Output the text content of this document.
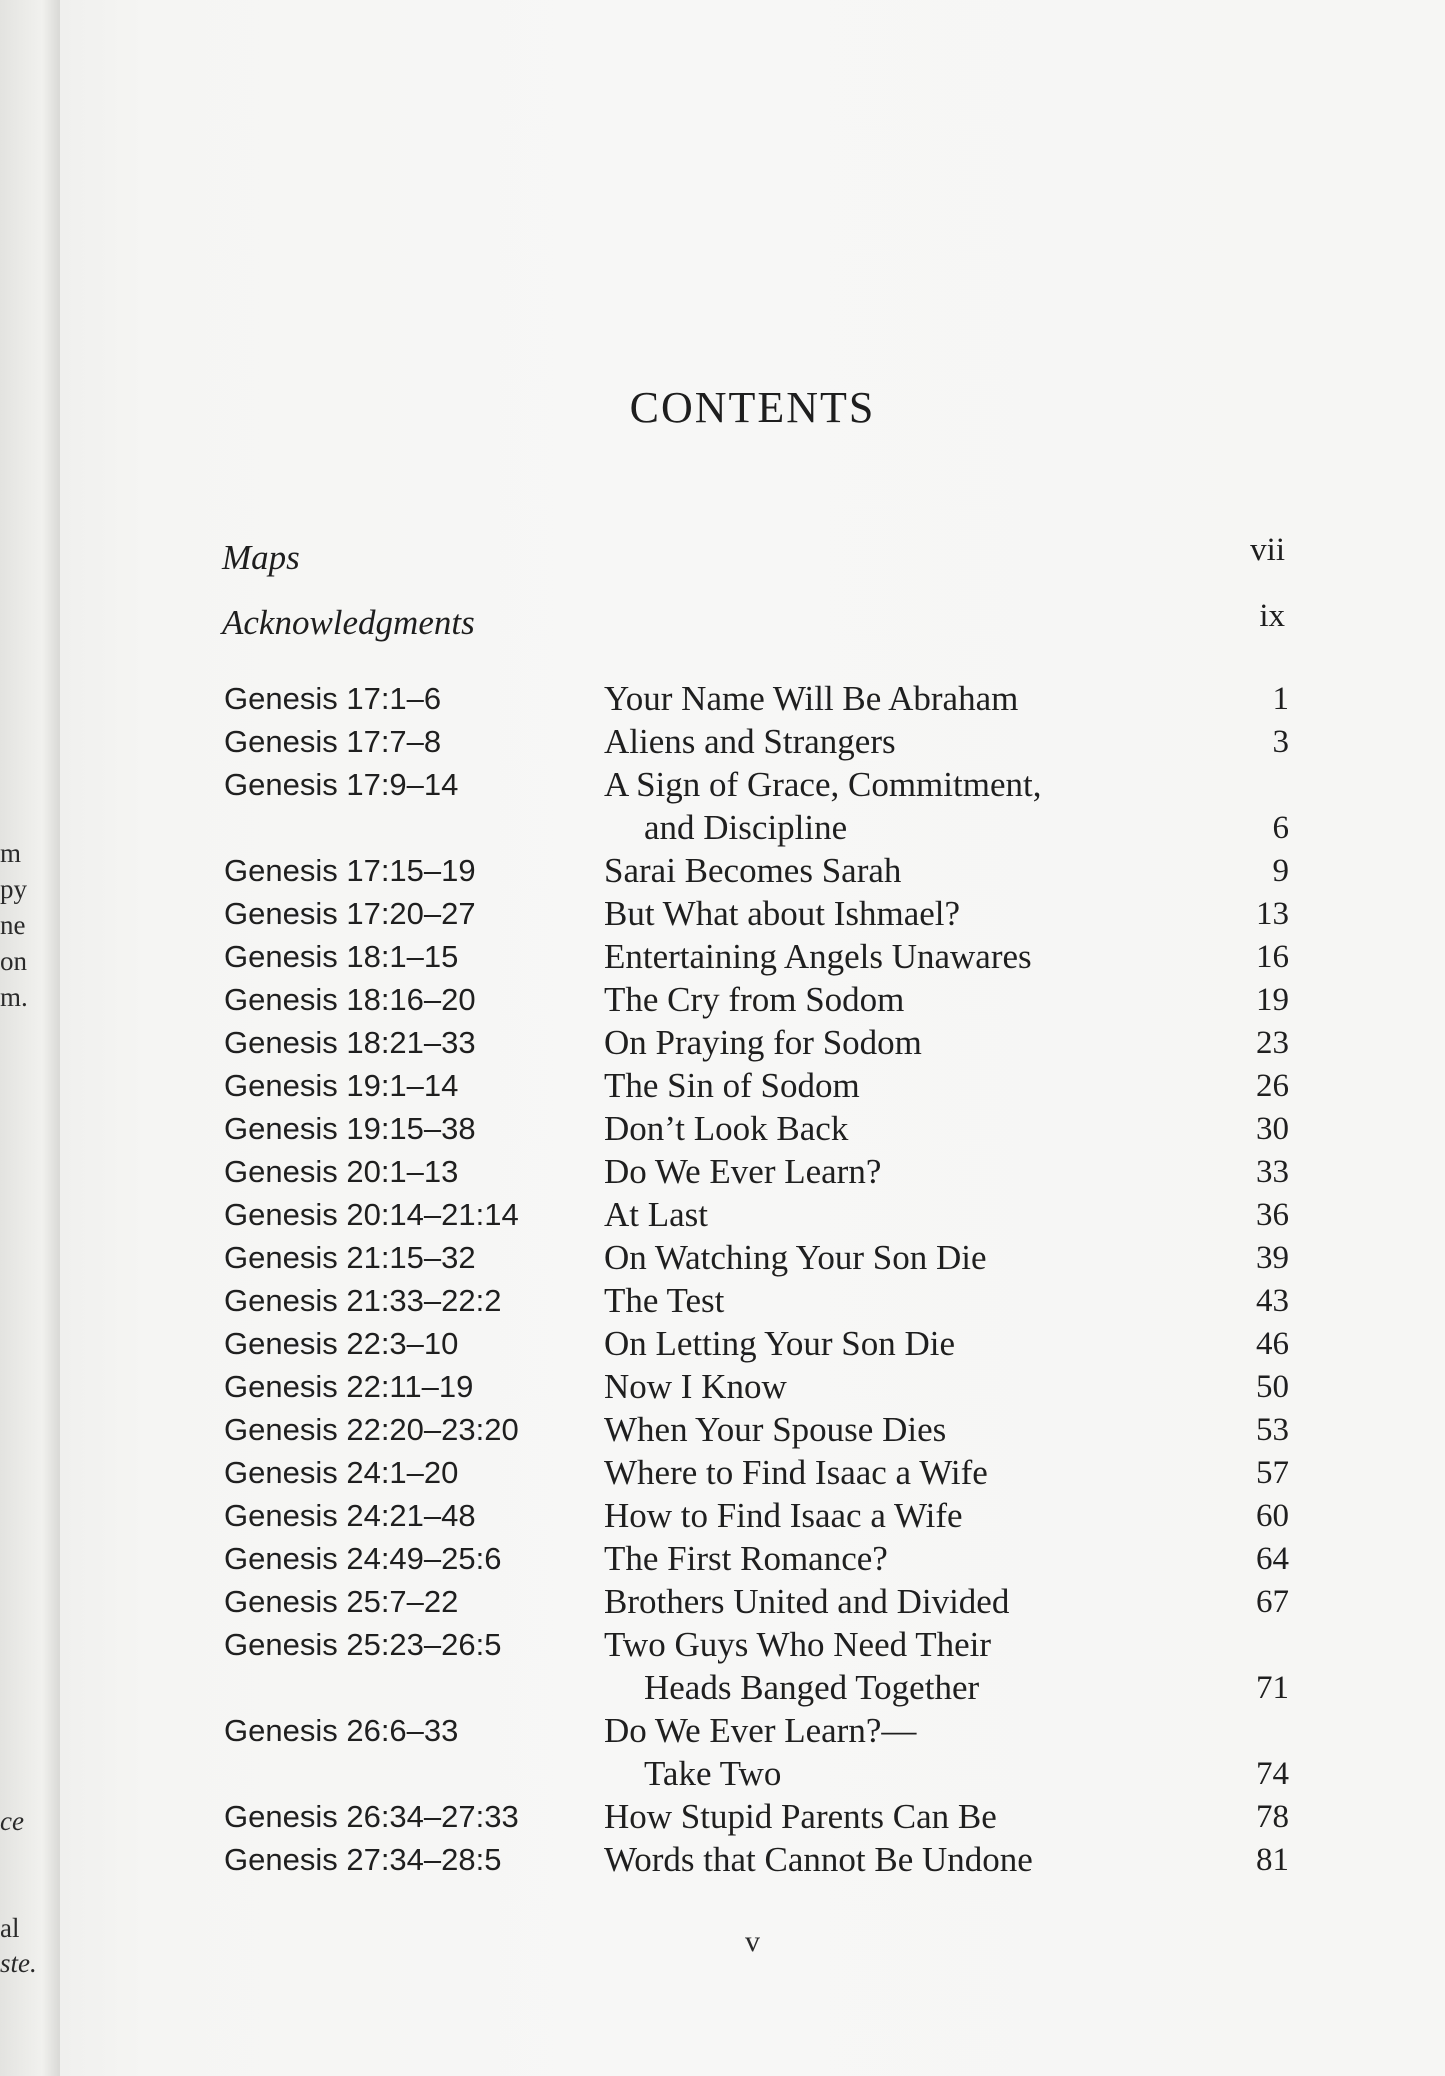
m
py
ne
on
m.
ce
al
ste.
CONTENTS
Maps	vii
Acknowledgments	ix
Genesis 17:1–6	Your Name Will Be Abraham	1
Genesis 17:7–8	Aliens and Strangers	3
Genesis 17:9–14	A Sign of Grace, Commitment,
and Discipline	6
Genesis 17:15–19	Sarai Becomes Sarah	9
Genesis 17:20–27	But What about Ishmael?	13
Genesis 18:1–15	Entertaining Angels Unawares	16
Genesis 18:16–20	The Cry from Sodom	19
Genesis 18:21–33	On Praying for Sodom	23
Genesis 19:1–14	The Sin of Sodom	26
Genesis 19:15–38	Don’t Look Back	30
Genesis 20:1–13	Do We Ever Learn?	33
Genesis 20:14–21:14 At Last	36
Genesis 21:15–32	On Watching Your Son Die	39
Genesis 21:33–22:2	The Test	43
Genesis 22:3–10	On Letting Your Son Die	46
Genesis 22:11–19	Now I Know	50
Genesis 22:20–23:20 When Your Spouse Dies	53
Genesis 24:1–20	Where to Find Isaac a Wife	57
Genesis 24:21–48	How to Find Isaac a Wife	60
Genesis 24:49–25:6	The First Romance?	64
Genesis 25:7–22	Brothers United and Divided	67
Genesis 25:23–26:5	Two Guys Who Need Their
Heads Banged Together	71
Genesis 26:6–33	Do We Ever Learn?—
Take Two	74
Genesis 26:34–27:33 How Stupid Parents Can Be	78
Genesis 27:34–28:5	Words that Cannot Be Undone	81
v
